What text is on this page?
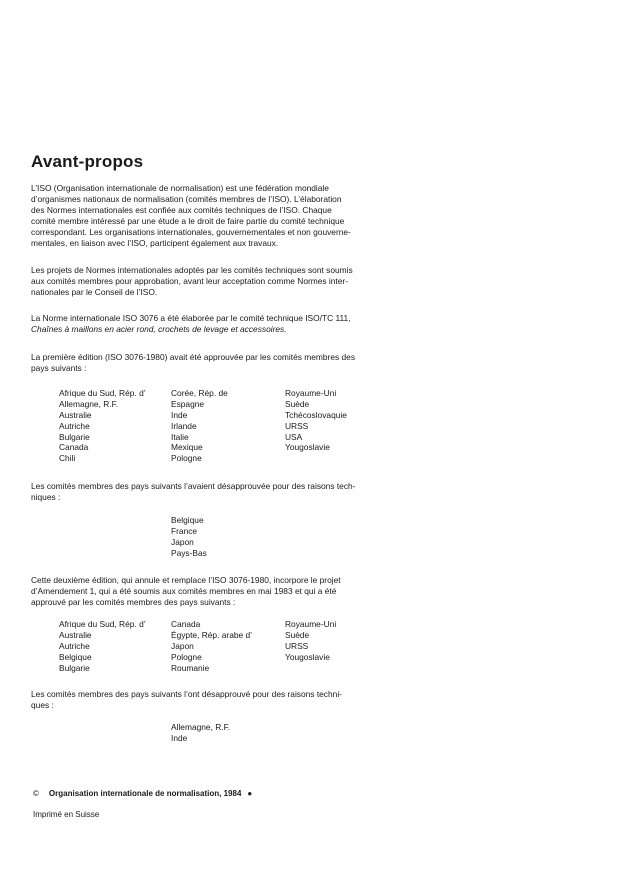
Avant-propos

L’ISO (Organisation internationale de normalisation) est une fédération mondiale
d’organismes nationaux de normalisation (comités membres de l’ISO). L’élaboration
des Normes internationales est confiée aux comités techniques de l’ISO. Chaque
comité membre intéressé par une étude a le droit de faire partie du comité technique
correspondant. Les organisations internationales, gouvernementales et non gouverne-
mentales, en liaison avec l’ISO, participent également aux travaux.

Les projets de Normes internationales adoptés par les comités techniques sont soumis
aux comités membres pour approbation, avant leur acceptation comme Normes inter-
nationales par le Conseil de l’ISO.

La Norme internationale ISO 3076 a été élaborée par le comité technique ISO/TC 111,
Chaînes à maillons en acier rond, crochets de levage et accessoires.

La première édition (ISO 3076-1980) avait été approuvée par les comités membres des
pays suivants :

Afrique du Sud, Rép. d’
Allemagne, R.F.
Australie
Autriche
Bulgarie
Canada
Chili
Corée, Rép. de
Espagne
Inde
Irlande
Italie
Mexique
Pologne
Royaume-Uni
Suède
Tchécoslovaquie
URSS
USA
Yougoslavie

Les comités membres des pays suivants l’avaient désapprouvée pour des raisons tech-
niques :

Belgique
France
Japon
Pays-Bas

Cette deuxième édition, qui annule et remplace l’ISO 3076-1980, incorpore le projet
d’Amendement 1, qui a été soumis aux comités membres en mai 1983 et qui a été
approuvé par les comités membres des pays suivants :

Afrique du Sud, Rép. d’
Australie
Autriche
Belgique
Bulgarie
Canada
Égypte, Rép. arabe d’
Japon
Pologne
Roumanie
Royaume-Uni
Suède
URSS
Yougoslavie

Les comités membres des pays suivants l’ont désapprouvé pour des raisons techni-
ques :

Allemagne, R.F.
Inde
© Organisation internationale de normalisation, 1984 ●
Imprimé en Suisse
